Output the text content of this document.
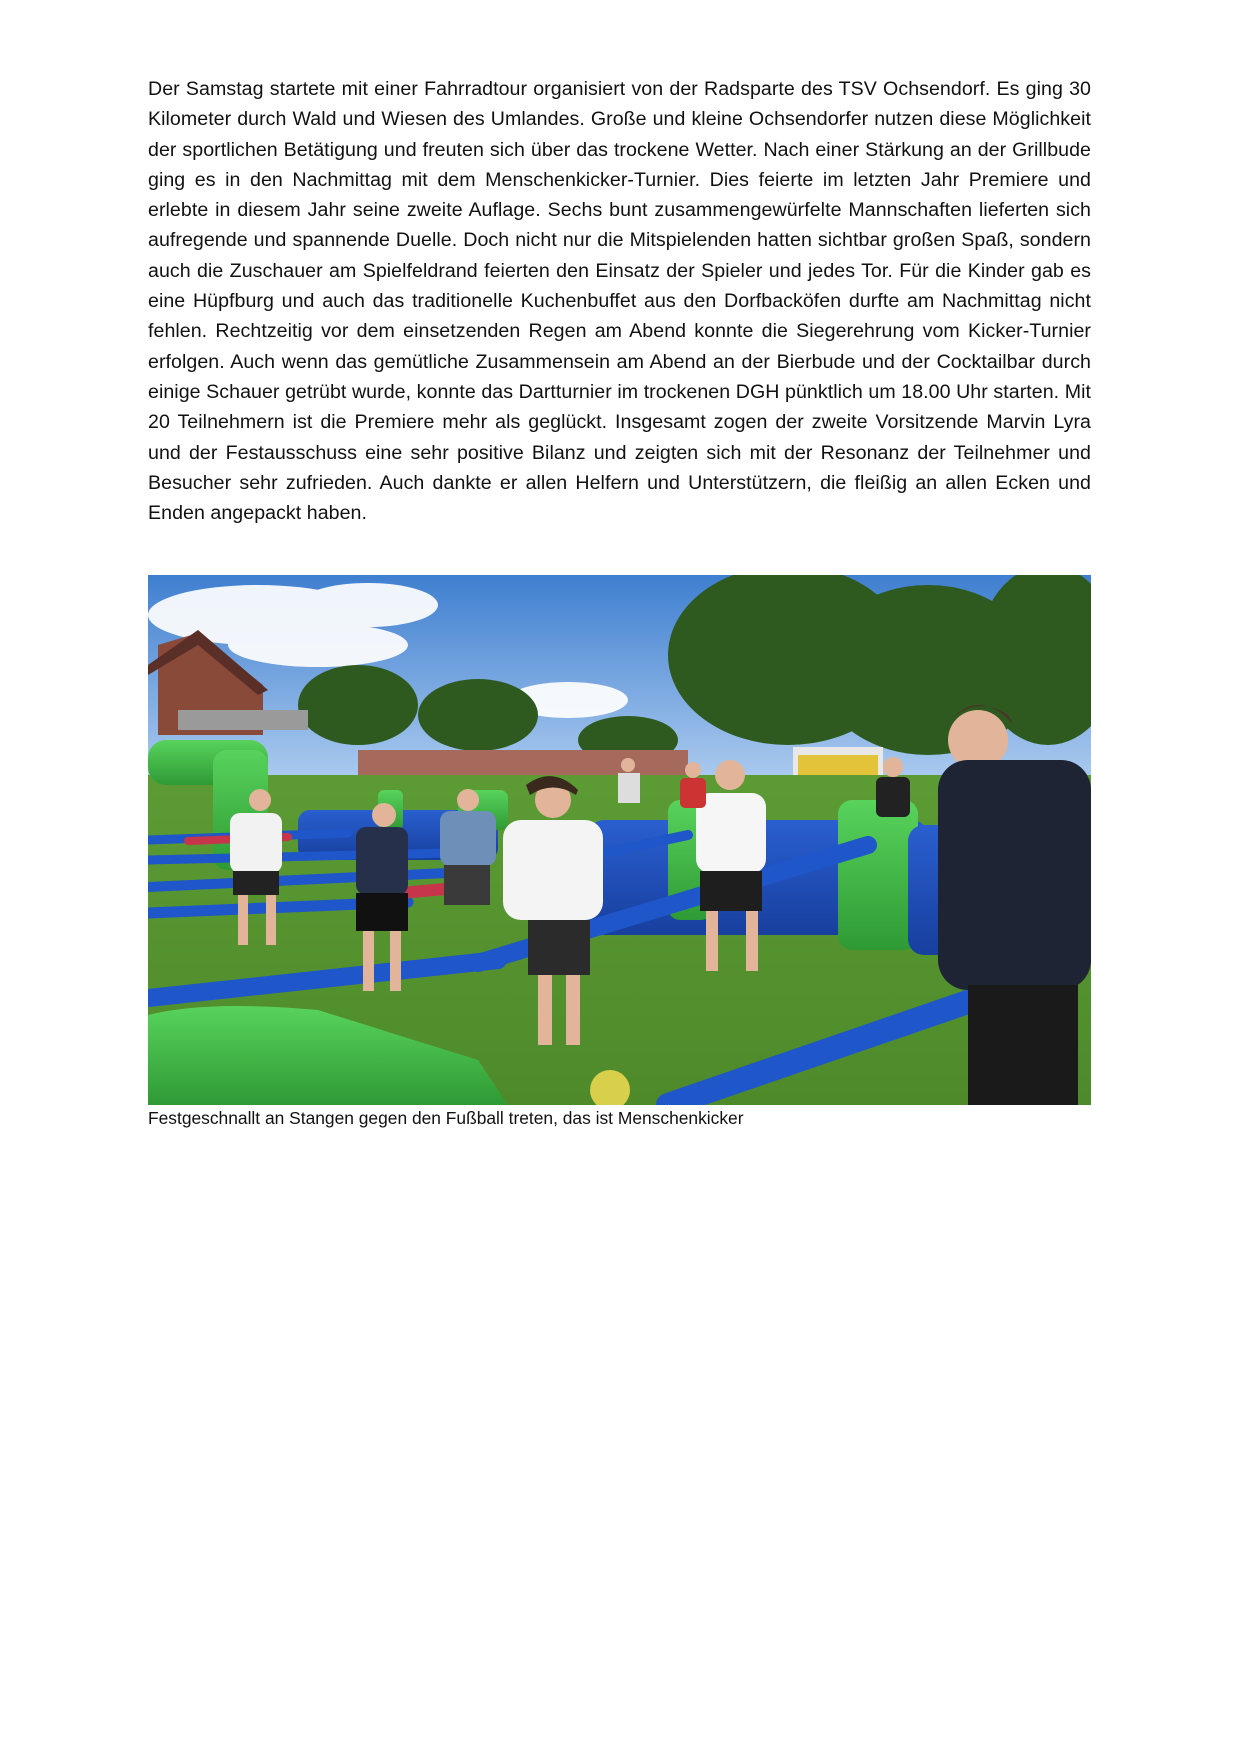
Der Samstag startete mit einer Fahrradtour organisiert von der Radsparte des TSV Ochsendorf. Es ging 30 Kilometer durch Wald und Wiesen des Umlandes. Große und kleine Ochsendorfer nutzen diese Möglichkeit der sportlichen Betätigung und freuten sich über das trockene Wetter. Nach einer Stärkung an der Grillbude ging es in den Nachmittag mit dem Menschenkicker-Turnier. Dies feierte im letzten Jahr Premiere und erlebte in diesem Jahr seine zweite Auflage. Sechs bunt zusammengewürfelte Mannschaften lieferten sich aufregende und spannende Duelle. Doch nicht nur die Mitspielenden hatten sichtbar großen Spaß, sondern auch die Zuschauer am Spielfeldrand feierten den Einsatz der Spieler und jedes Tor. Für die Kinder gab es eine Hüpfburg und auch das traditionelle Kuchenbuffet aus den Dorfbacköfen durfte am Nachmittag nicht fehlen. Rechtzeitig vor dem einsetzenden Regen am Abend konnte die Siegerehrung vom Kicker-Turnier erfolgen. Auch wenn das gemütliche Zusammensein am Abend an der Bierbude und der Cocktailbar durch einige Schauer getrübt wurde, konnte das Dartturnier im trockenen DGH pünktlich um 18.00 Uhr starten. Mit 20 Teilnehmern ist die Premiere mehr als geglückt. Insgesamt zogen der zweite Vorsitzende Marvin Lyra und der Festausschuss eine sehr positive Bilanz und zeigten sich mit der Resonanz der Teilnehmer und Besucher sehr zufrieden. Auch dankte er allen Helfern und Unterstützern, die fleißig an allen Ecken und Enden angepackt haben.

Festgeschnallt an Stangen gegen den Fußball treten, das ist Menschenkicker
